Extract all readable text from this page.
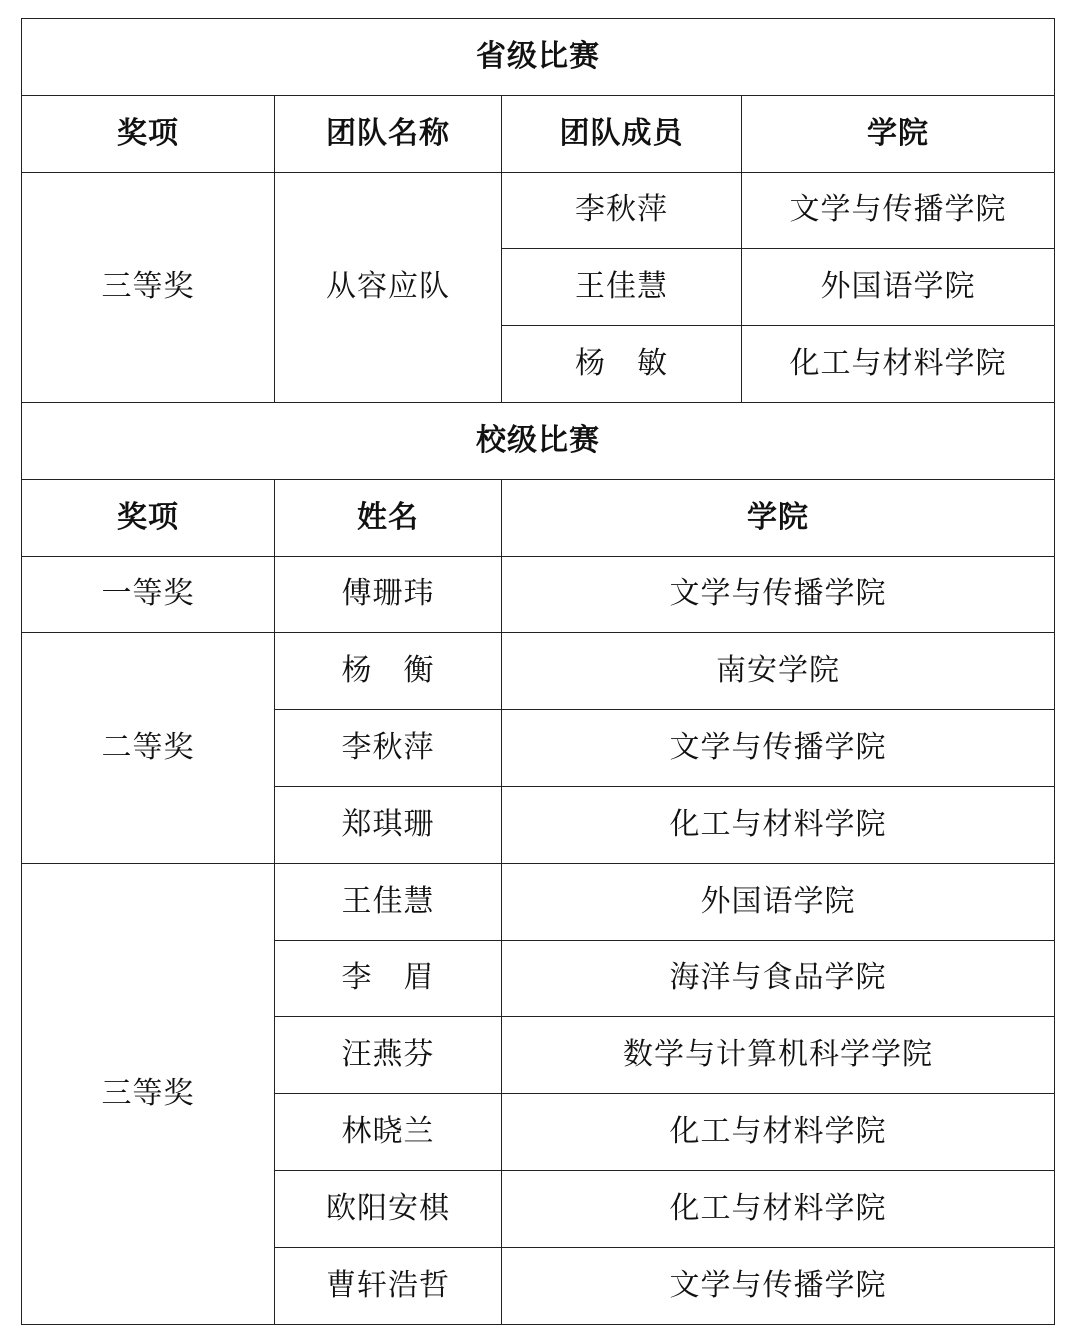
省级比赛			
奖项	团队名称	团队成员	学院
三等奖	从容应队	李秋萍	文学与传播学院
		王佳慧	外国语学院
		杨　敏	化工与材料学院
校级比赛			
奖项	姓名	学院	
一等奖	傅珊玮	文学与传播学院	
二等奖	杨　衡	南安学院	
	李秋萍	文学与传播学院	
	郑琪珊	化工与材料学院	
三等奖	王佳慧	外国语学院	
	李　眉	海洋与食品学院	
	汪燕芬	数学与计算机科学学院	
	林晓兰	化工与材料学院	
	欧阳安棋	化工与材料学院	
	曹轩浩哲	文学与传播学院	
